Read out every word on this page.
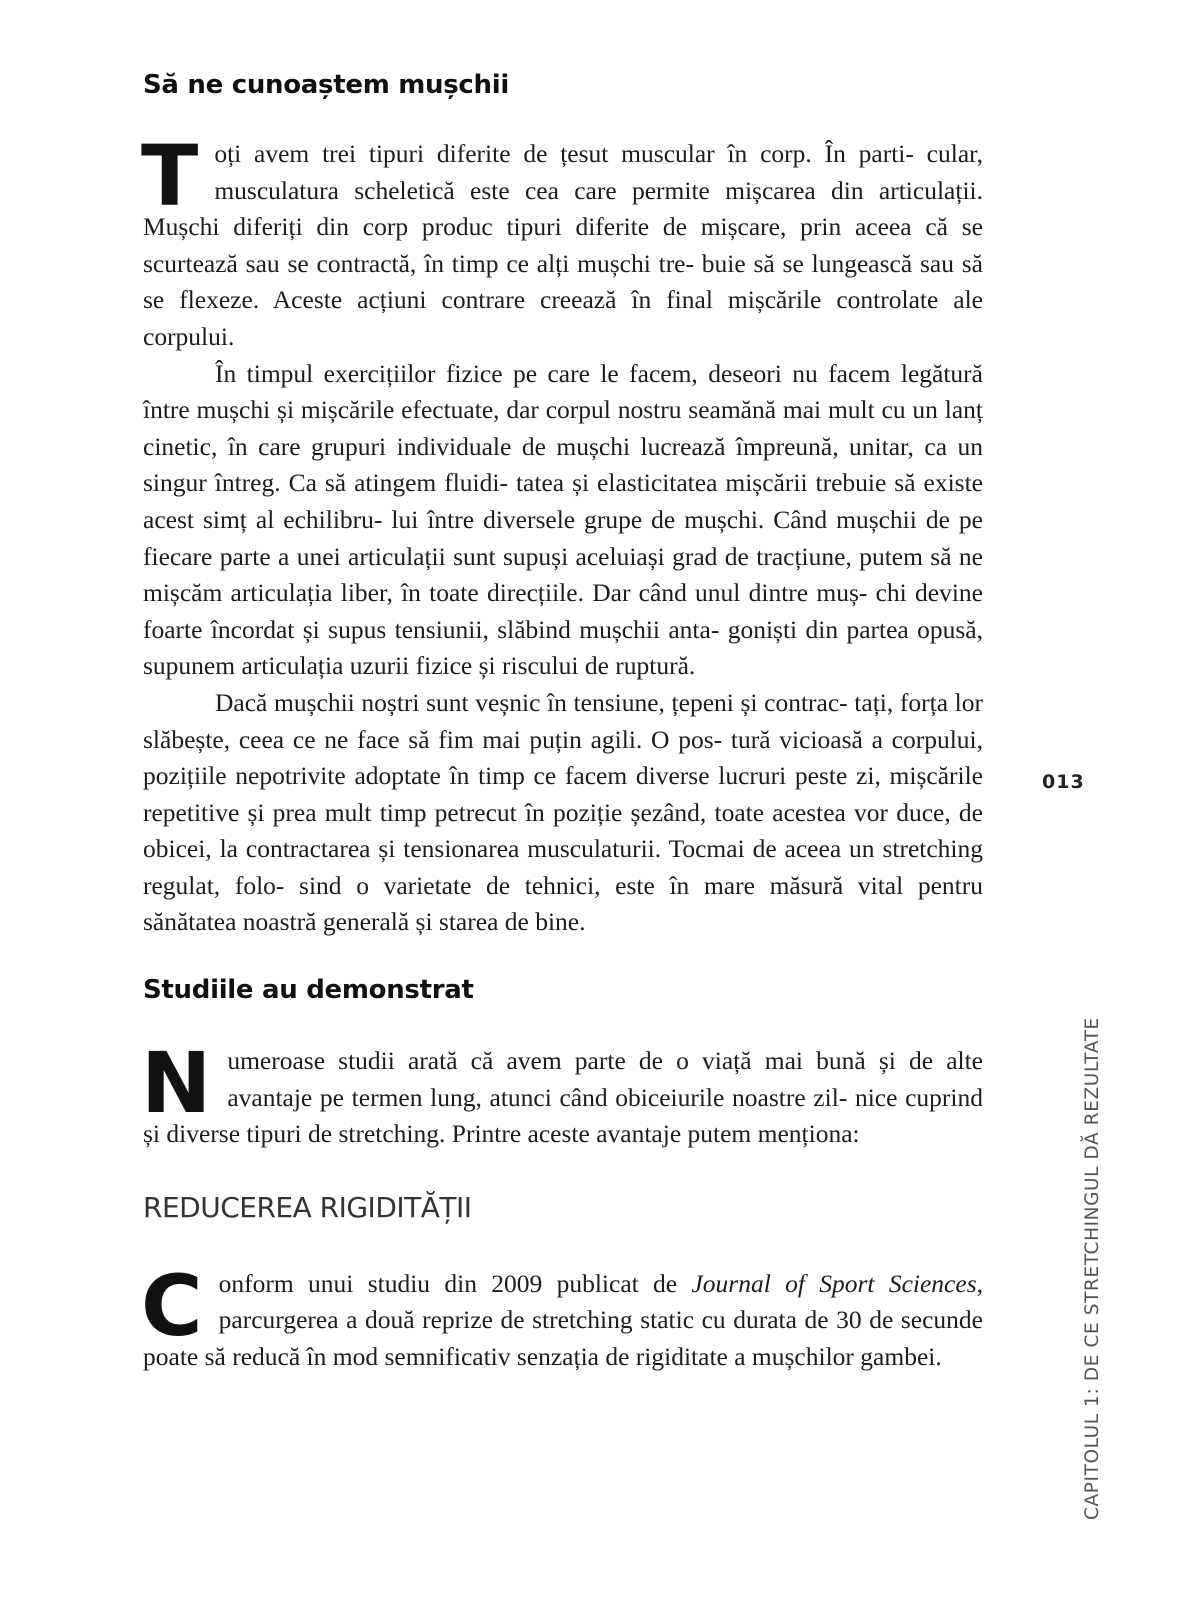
Să ne cunoaștem mușchii

Toți avem trei tipuri diferite de țesut muscular în corp. În parti- cular, musculatura scheletică este cea care permite mișcarea din articulații. Mușchi diferiți din corp produc tipuri diferite de mișcare, prin aceea că se scurtează sau se contractă, în timp ce alți mușchi tre- buie să se lungească sau să se flexeze. Aceste acțiuni contrare creează în final mișcările controlate ale corpului.

În timpul exercițiilor fizice pe care le facem, deseori nu facem legătură între mușchi și mișcările efectuate, dar corpul nostru seamănă mai mult cu un lanț cinetic, în care grupuri individuale de mușchi lucrează împreună, unitar, ca un singur întreg. Ca să atingem fluidi- tatea și elasticitatea mișcării trebuie să existe acest simț al echilibru- lui între diversele grupe de mușchi. Când mușchii de pe fiecare parte a unei articulații sunt supuși aceluiași grad de tracțiune, putem să ne mișcăm articulația liber, în toate direcțiile. Dar când unul dintre muș- chi devine foarte încordat și supus tensiunii, slăbind mușchii anta- goniști din partea opusă, supunem articulația uzurii fizice și riscului de ruptură.

Dacă mușchii noștri sunt veșnic în tensiune, țepeni și contrac- tați, forța lor slăbește, ceea ce ne face să fim mai puțin agili. O pos- tură vicioasă a corpului, pozițiile nepotrivite adoptate în timp ce facem diverse lucruri peste zi, mișcările repetitive și prea mult timp petrecut în poziție șezând, toate acestea vor duce, de obicei, la contractarea și tensionarea musculaturii. Tocmai de aceea un stretching regulat, folo- sind o varietate de tehnici, este în mare măsură vital pentru sănătatea noastră generală și starea de bine.

Studiile au demonstrat

Numeroase studii arată că avem parte de o viață mai bună și de alte avantaje pe termen lung, atunci când obiceiurile noastre zil- nice cuprind și diverse tipuri de stretching. Printre aceste avantaje putem menționa:

REDUCEREA RIGIDITĂȚII

Conform unui studiu din 2009 publicat de Journal of Sport Sciences, parcurgerea a două reprize de stretching static cu durata de 30 de secunde poate să reducă în mod semnificativ senzația de rigiditate a mușchilor gambei.

013
CAPITOLUL 1: DE CE STRETCHINGUL DĂ REZULTATE
